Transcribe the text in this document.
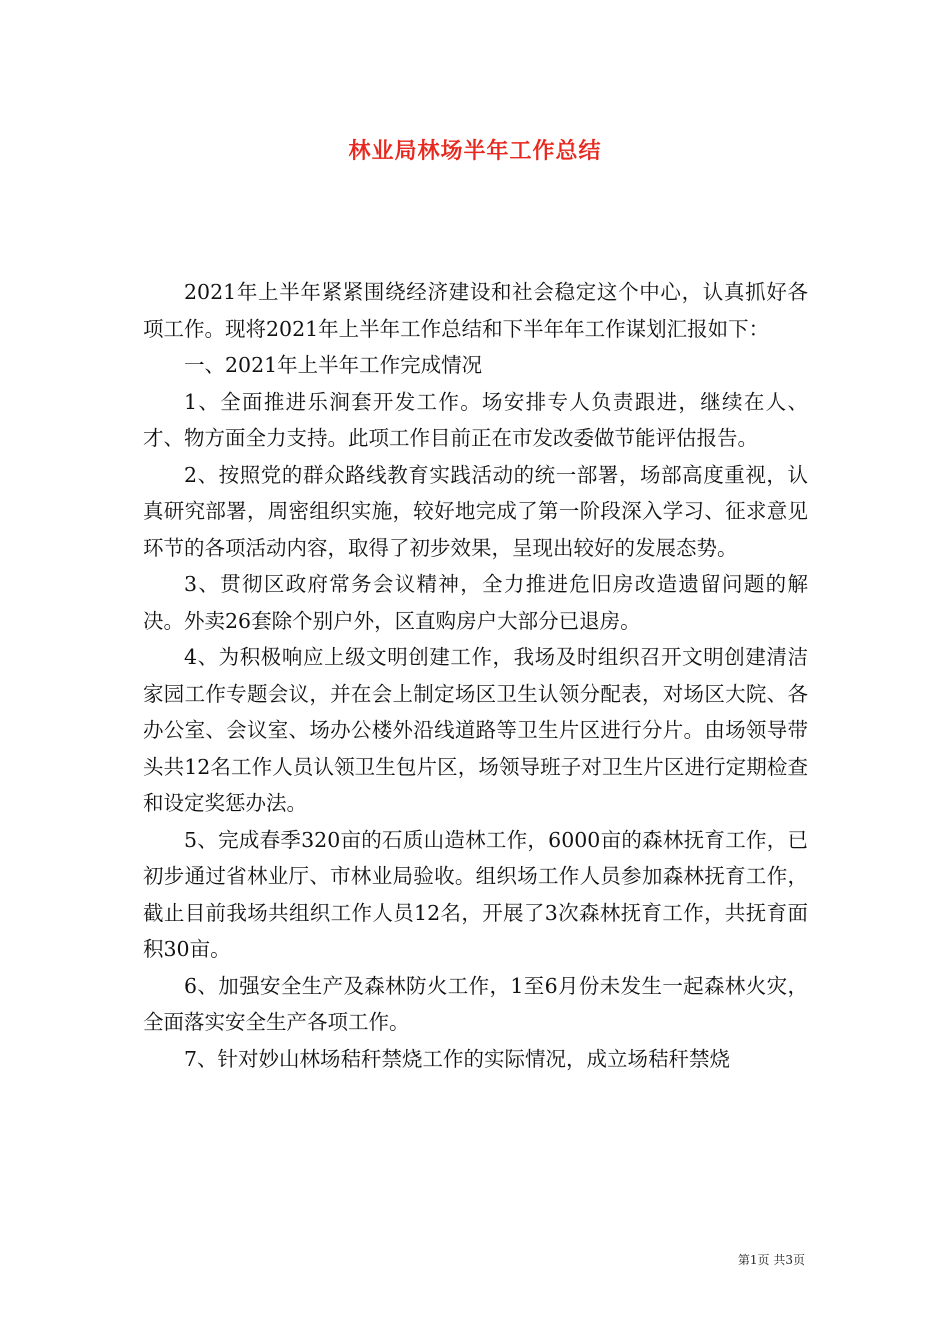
林业局林场半年工作总结

2021年上半年紧紧围绕经济建设和社会稳定这个中心，认真抓好各项工作。现将2021年上半年工作总结和下半年年工作谋划汇报如下：

一、2021年上半年工作完成情况

1、全面推进乐涧套开发工作。场安排专人负责跟进，继续在人、才、物方面全力支持。此项工作目前正在市发改委做节能评估报告。

2、按照党的群众路线教育实践活动的统一部署，场部高度重视，认真研究部署，周密组织实施，较好地完成了第一阶段深入学习、征求意见环节的各项活动内容，取得了初步效果，呈现出较好的发展态势。

3、贯彻区政府常务会议精神，全力推进危旧房改造遗留问题的解决。外卖26套除个别户外，区直购房户大部分已退房。

4、为积极响应上级文明创建工作，我场及时组织召开文明创建清洁家园工作专题会议，并在会上制定场区卫生认领分配表，对场区大院、各办公室、会议室、场办公楼外沿线道路等卫生片区进行分片。由场领导带头共12名工作人员认领卫生包片区，场领导班子对卫生片区进行定期检查和设定奖惩办法。

5、完成春季320亩的石质山造林工作，6000亩的森林抚育工作，已初步通过省林业厅、市林业局验收。组织场工作人员参加森林抚育工作，截止目前我场共组织工作人员12名，开展了3次森林抚育工作，共抚育面积30亩。

6、加强安全生产及森林防火工作，1至6月份未发生一起森林火灾，全面落实安全生产各项工作。

7、针对妙山林场秸秆禁烧工作的实际情况，成立场秸秆禁烧

第1页 共3页
